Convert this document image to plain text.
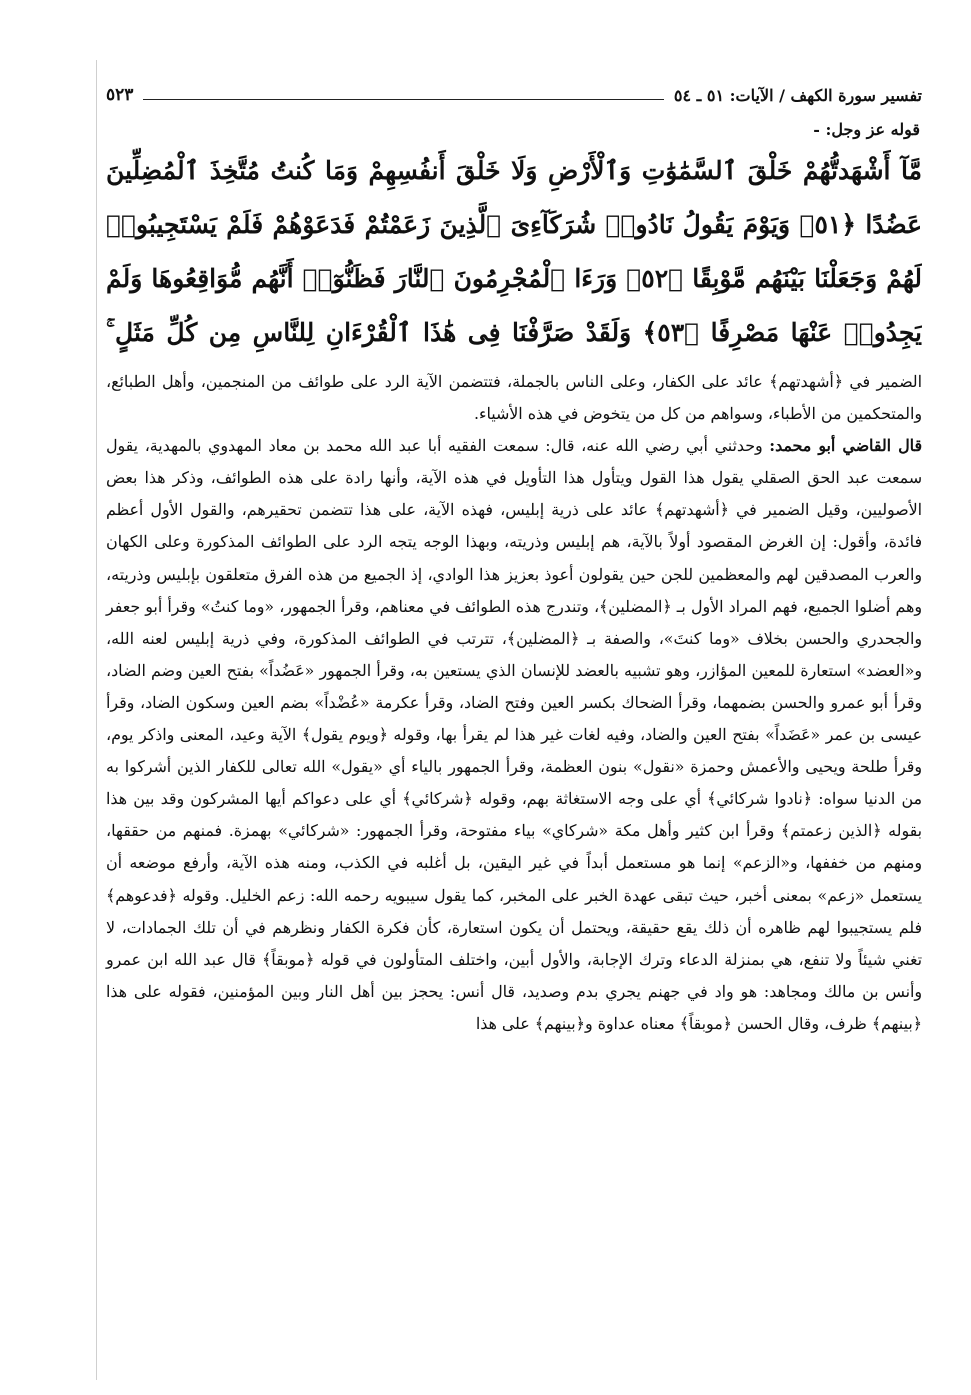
تفسير سورة الكهف / الآيات: ٥١ ـ ٥٤
٥٢٣
قوله عز وجل: -
مَّآ أَشْهَدتُّهُمْ خَلْقَ ٱلسَّمَٰوَٰتِ وَٱلْأَرْضِ وَلَا خَلْقَ أَنفُسِهِمْ وَمَا كُنتُ مُتَّخِذَ ٱلْمُضِلِّينَ عَضُدًا ﴿٥١﴾ وَيَوْمَ يَقُولُ نَادُوا۟ شُرَكَآءِىَ ٱلَّذِينَ زَعَمْتُمْ فَدَعَوْهُمْ فَلَمْ يَسْتَجِيبُوا۟ لَهُمْ وَجَعَلْنَا بَيْنَهُم مَّوْبِقًا ﴿٥٢﴾ وَرَءَا ٱلْمُجْرِمُونَ ٱلنَّارَ فَظَنُّوٓا۟ أَنَّهُم مُّوَاقِعُوهَا وَلَمْ يَجِدُوا۟ عَنْهَا مَصْرِفًا ﴿٥٣﴾ وَلَقَدْ صَرَّفْنَا فِى هَٰذَا ٱلْقُرْءَانِ لِلنَّاسِ مِن كُلِّ مَثَلٍ ۚ

الضمير في ﴿أشهدتهم﴾ عائد على الكفار، وعلى الناس بالجملة، فتتضمن الآية الرد على طوائف من المنجمين، وأهل الطبائع، والمتحكمين من الأطباء، وسواهم من كل من يتخوض في هذه الأشياء.

قال القاضي أبو محمد: وحدثني أبي رضي الله عنه، قال: سمعت الفقيه أبا عبد الله محمد بن معاد المهدوي بالمهدية، يقول سمعت عبد الحق الصقلي يقول هذا القول ويتأول هذا التأويل في هذه الآية، وأنها رادة على هذه الطوائف، وذكر هذا بعض الأصوليين، وقيل الضمير في ﴿أشهدتهم﴾ عائد على ذرية إبليس، فهذه الآية، على هذا تتضمن تحقيرهم، والقول الأول أعظم فائدة، وأقول: إن الغرض المقصود أولاً بالآية، هم إبليس وذريته، وبهذا الوجه يتجه الرد على الطوائف المذكورة وعلى الكهان والعرب المصدقين لهم والمعظمين للجن حين يقولون أعوذ بعزيز هذا الوادي، إذ الجميع من هذه الفرق متعلقون بإبليس وذريته، وهم أضلوا الجميع، فهم المراد الأول بـ ﴿المضلين﴾، وتندرج هذه الطوائف في معناهم، وقرأ الجمهور، «وما كنتُ» وقرأ أبو جعفر والجحدري والحسن بخلاف «وما كنتَ»، والصفة بـ ﴿المضلين﴾، تترتب في الطوائف المذكورة، وفي ذرية إبليس لعنه الله، و«العضد» استعارة للمعين المؤازر، وهو تشبيه بالعضد للإنسان الذي يستعين به، وقرأ الجمهور «عَضُداً» بفتح العين وضم الضاد، وقرأ أبو عمرو والحسن بضمهما، وقرأ الضحاك بكسر العين وفتح الضاد، وقرأ عكرمة «عُضْداً» بضم العين وسكون الضاد، وقرأ عيسى بن عمر «عَضَداً» بفتح العين والضاد، وفيه لغات غير هذا لم يقرأ بها، وقوله ﴿ويوم يقول﴾ الآية وعيد، المعنى واذكر يوم، وقرأ طلحة ويحيى والأعمش وحمزة «نقول» بنون العظمة، وقرأ الجمهور بالياء أي «يقول» الله تعالى للكفار الذين أشركوا به من الدنيا سواه: ﴿نادوا شركائي﴾ أي على وجه الاستغاثة بهم، وقوله ﴿شركائي﴾ أي على دعواكم أيها المشركون وقد بين هذا بقوله ﴿الذين زعمتم﴾ وقرأ ابن كثير وأهل مكة «شركاي» بياء مفتوحة، وقرأ الجمهور: «شركائي» بهمزة. فمنهم من حققها، ومنهم من خففها، و«الزعم» إنما هو مستعمل أبداً في غير اليقين، بل أغلبه في الكذب، ومنه هذه الآية، وأرفع موضعه أن يستعمل «زعم» بمعنى أخبر، حيث تبقى عهدة الخبر على المخبر، كما يقول سيبويه رحمه الله: زعم الخليل. وقوله ﴿فدعوهم﴾ فلم يستجيبوا لهم ظاهره أن ذلك يقع حقيقة، ويحتمل أن يكون استعارة، كأن فكرة الكفار ونظرهم في أن تلك الجمادات، لا تغني شيئاً ولا تنفع، هي بمنزلة الدعاء وترك الإجابة، والأول أبين، واختلف المتأولون في قوله ﴿موبقاً﴾ قال عبد الله ابن عمرو وأنس بن مالك ومجاهد: هو واد في جهنم يجري بدم وصديد، قال أنس: يحجز بين أهل النار وبين المؤمنين، فقوله على هذا ﴿بينهم﴾ ظرف، وقال الحسن ﴿موبقاً﴾ معناه عداوة و﴿بينهم﴾ على هذا
